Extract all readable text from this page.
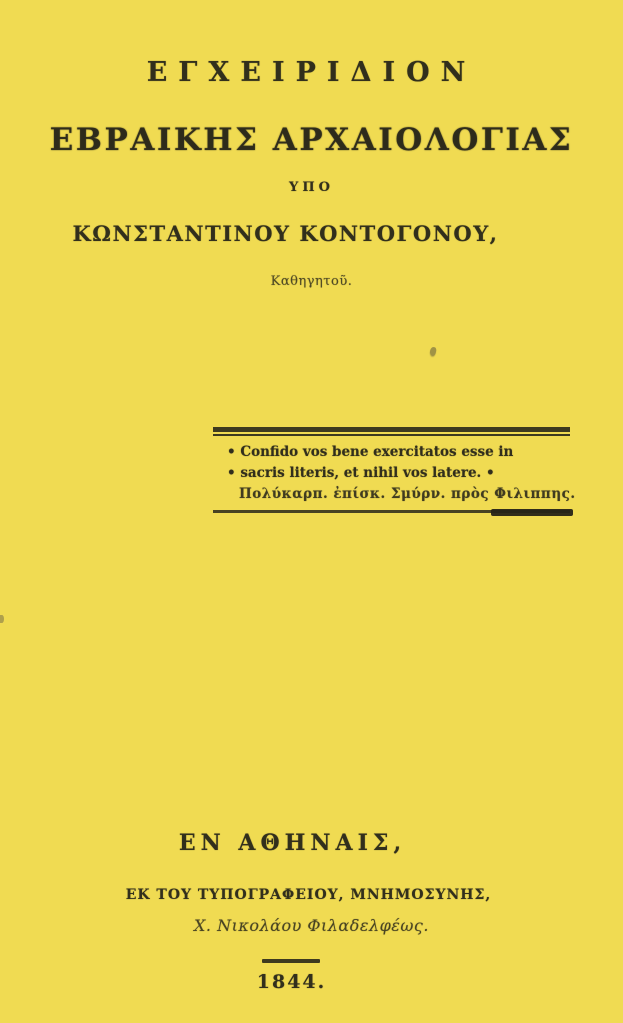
ΕΓΧΕΙΡΙΔΙΟΝ
ΕΒΡΑΙΚΗΣ ΑΡΧΑΙΟΛΟΓΙΑΣ
ΥΠΟ
ΚΩΝΣΤΑΝΤΙΝΟΥ ΚΟΝΤΟΓΟΝΟΥ,
Καθηγητοῦ.
• Confido vos bene exercitatos esse in
• sacris literis, et nihil vos latere. •
Πολύκαρπ. ἐπίσκ. Σμύρν. πρὸς Φιλιππης.
ΕΝ ΑΘΗΝΑΙΣ,
ΕΚ ΤΟΥ ΤΥΠΟΓΡΑΦΕΙΟΥ, ΜΝΗΜΟΣΥΝΗΣ,
Χ. Νικολάου Φιλαδελφέως.
1844.
